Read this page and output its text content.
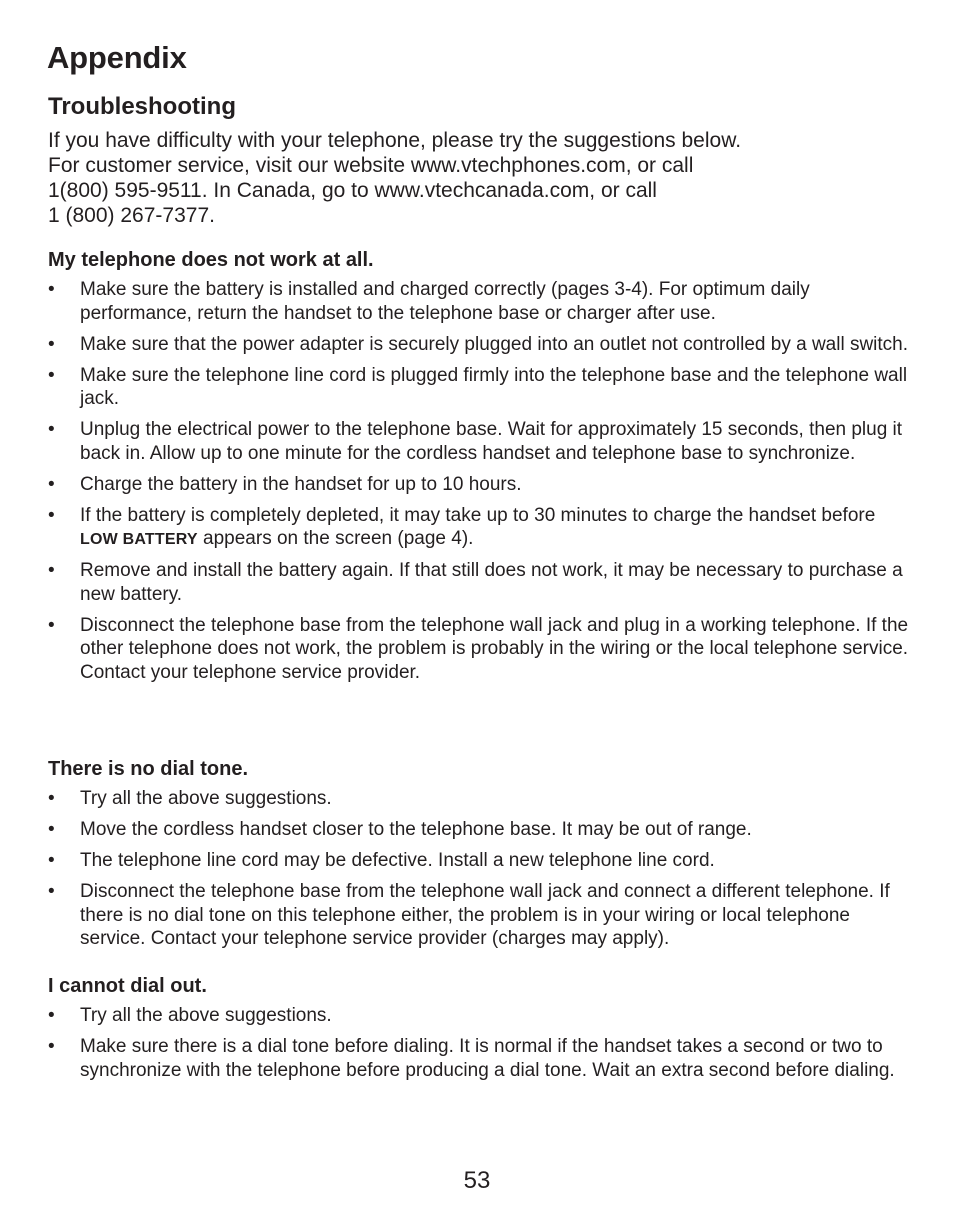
Appendix
Troubleshooting

If you have difficulty with your telephone, please try the suggestions below.
For customer service, visit our website www.vtechphones.com, or call
1(800) 595-9511. In Canada, go to www.vtechcanada.com, or call
1 (800) 267-7377.

My telephone does not work at all.
•	Make sure the battery is installed and charged correctly (pages 3-4). For optimum daily performance, return the handset to the telephone base or charger after use.
•	Make sure that the power adapter is securely plugged into an outlet not controlled by a wall switch.
•	Make sure the telephone line cord is plugged firmly into the telephone base and the telephone wall jack.
•	Unplug the electrical power to the telephone base. Wait for approximately 15 seconds, then plug it back in. Allow up to one minute for the cordless handset and telephone base to synchronize.
•	Charge the battery in the handset for up to 10 hours.
•	If the battery is completely depleted, it may take up to 30 minutes to charge the handset before LOW BATTERY appears on the screen (page 4).
•	Remove and install the battery again. If that still does not work, it may be necessary to purchase a new battery.
•	Disconnect the telephone base from the telephone wall jack and plug in a working telephone. If the other telephone does not work, the problem is probably in the wiring or the local telephone service. Contact your telephone service provider.
There is no dial tone.
•	Try all the above suggestions.
•	Move the cordless handset closer to the telephone base. It may be out of range.
•	The telephone line cord may be defective. Install a new telephone line cord.
•	Disconnect the telephone base from the telephone wall jack and connect a different telephone. If there is no dial tone on this telephone either, the problem is in your wiring or local telephone service. Contact your telephone service provider (charges may apply).
I cannot dial out.
•	Try all the above suggestions.
•	Make sure there is a dial tone before dialing. It is normal if the handset takes a second or two to synchronize with the telephone before producing a dial tone. Wait an extra second before dialing.
53
